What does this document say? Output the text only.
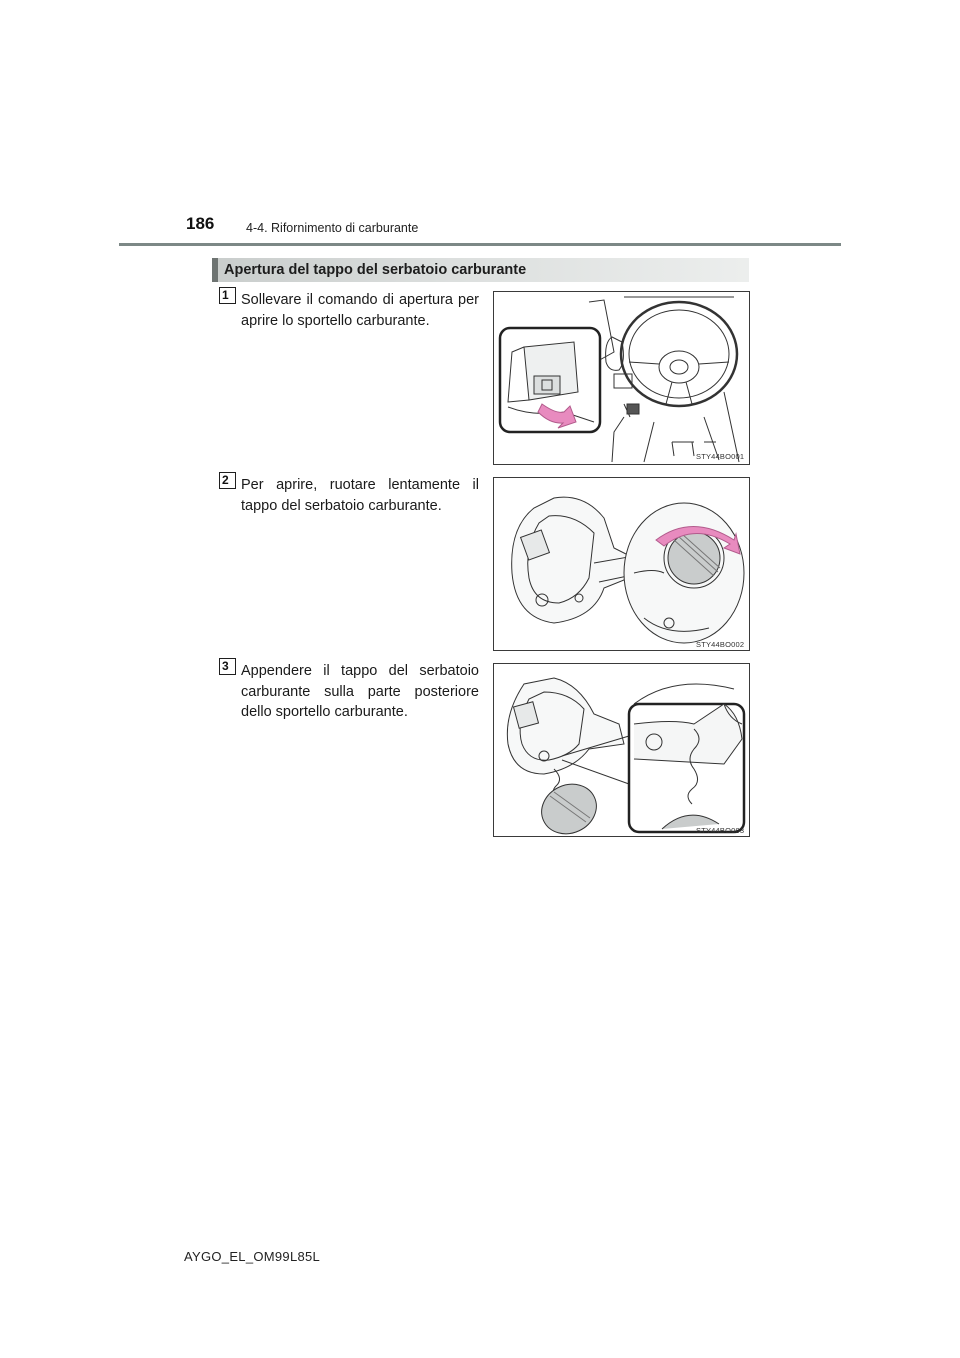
186	4-4. Rifornimento di carburante
Apertura del tappo del serbatoio carburante
1 Sollevare il comando di apertura per aprire lo sportello carburante.
STY44BO001
2 Per aprire, ruotare lentamente il tappo del serbatoio carburante.
STY44BO002
3 Appendere il tappo del serbatoio carburante sulla parte posteriore dello sportello carburante.
STY44BO003
AYGO_EL_OM99L85L
